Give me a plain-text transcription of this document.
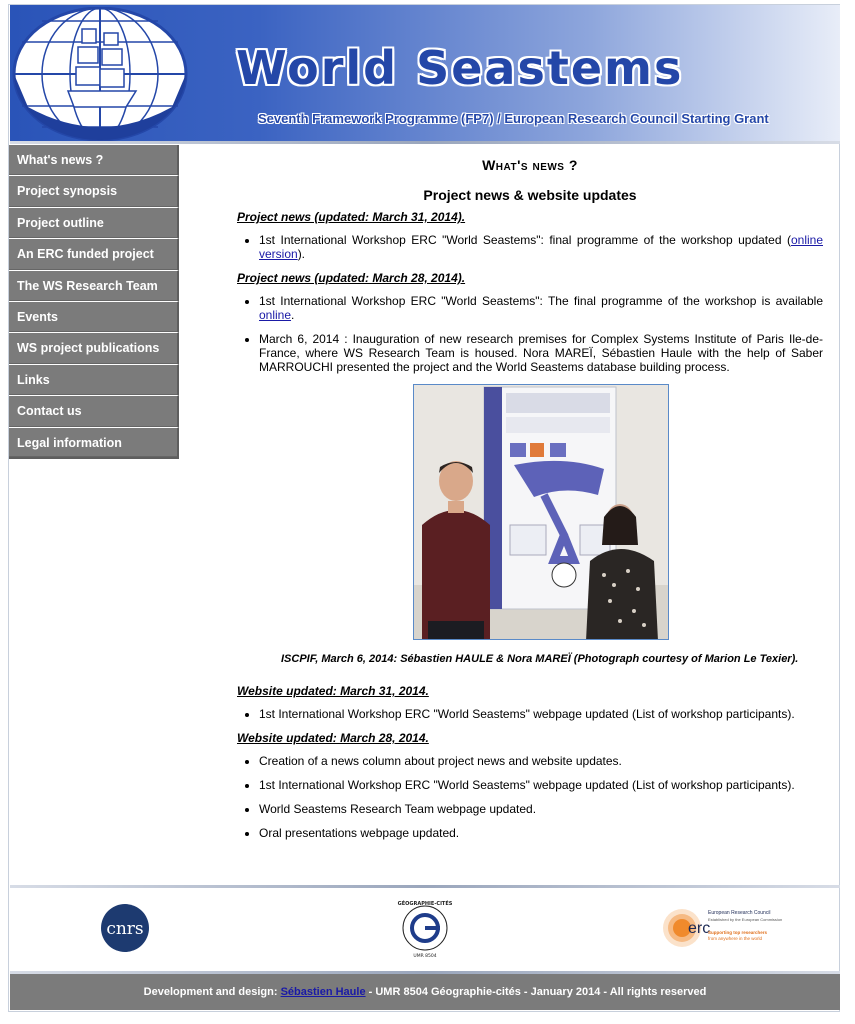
World Seastems
Seventh Framework Programme (FP7) / European Research Council Starting Grant
What's news ?
Project synopsis
Project outline
An ERC funded project
The WS Research Team
Events
WS project publications
Links
Contact us
Legal information
What's news ?
Project news & website updates
Project news (updated: March 31, 2014).
• 1st International Workshop ERC "World Seastems": final programme of the workshop updated (online version).
Project news (updated: March 28, 2014).
• 1st International Workshop ERC "World Seastems": The final programme of the workshop is available online.
• March 6, 2014 : Inauguration of new research premises for Complex Systems Institute of Paris Ile-de-France, where WS Research Team is housed. Nora MAREÏ, Sébastien Haule with the help of Saber MARROUCHI presented the project and the World Seastems database building process.
ISCPIF, March 6, 2014: Sébastien HAULE & Nora MAREÏ (Photograph courtesy of Marion Le Texier).
Website updated: March 31, 2014.
• 1st International Workshop ERC "World Seastems" webpage updated (List of workshop participants).
Website updated: March 28, 2014.
• Creation of a news column about project news and website updates.
• 1st International Workshop ERC "World Seastems" webpage updated (List of workshop participants).
• World Seastems Research Team webpage updated.
• Oral presentations webpage updated.
cnrs
GÉOGRAPHIE-CITÉS
UMR 8504
erc
European Research Council
Established by the European Commission
Supporting top researchers
from anywhere in the world
Development and design: Sébastien Haule - UMR 8504 Géographie-cités - January 2014 - All rights reserved
